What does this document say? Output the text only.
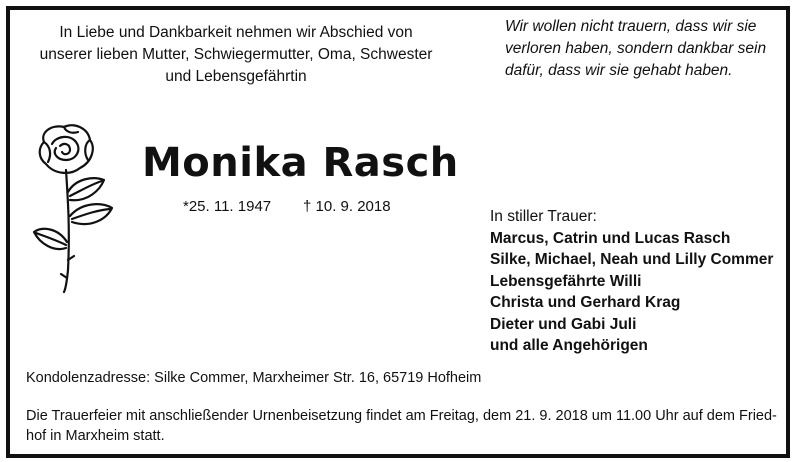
In Liebe und Dankbarkeit nehmen wir Abschied von
unserer lieben Mutter, Schwiegermutter, Oma, Schwester
und Lebensgefährtin
Wir wollen nicht trauern, dass wir sie
verloren haben, sondern dankbar sein
dafür, dass wir sie gehabt haben.
Monika Rasch
*25. 11. 1947 † 10. 9. 2018
In stiller Trauer:
Marcus, Catrin und Lucas Rasch
Silke, Michael, Neah und Lilly Commer
Lebensgefährte Willi
Christa und Gerhard Krag
Dieter und Gabi Juli
und alle Angehörigen
Kondolenzadresse: Silke Commer, Marxheimer Str. 16, 65719 Hofheim
Die Trauerfeier mit anschließender Urnenbeisetzung findet am Freitag, dem 21. 9. 2018 um 11.00 Uhr auf dem Fried-
hof in Marxheim statt.
